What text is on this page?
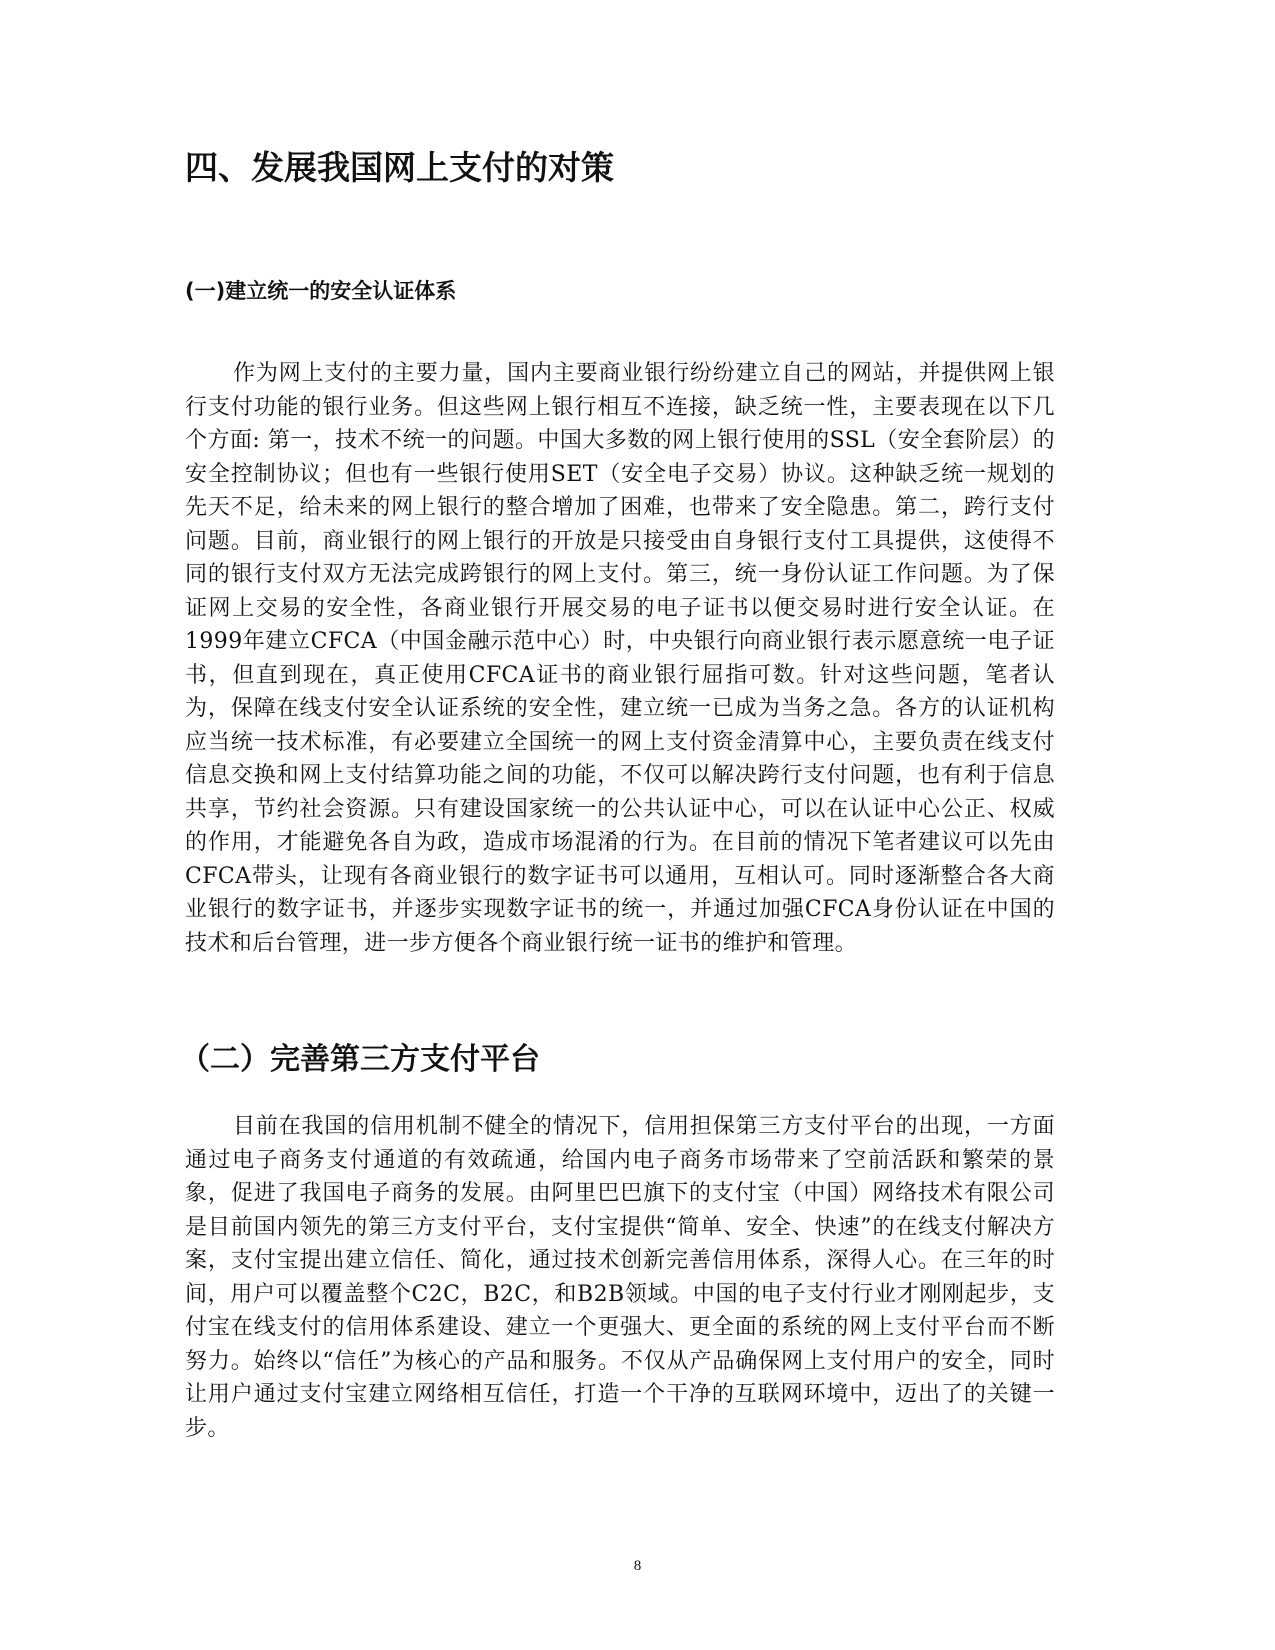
四、发展我国网上支付的对策
(一)建立统一的安全认证体系

作为网上支付的主要力量，国内主要商业银行纷纷建立自己的网站，并提供网上银行支付功能的银行业务。但这些网上银行相互不连接，缺乏统一性，主要表现在以下几个方面: 第一，技术不统一的问题。中国大多数的网上银行使用的SSL（安全套阶层）的安全控制协议；但也有一些银行使用SET（安全电子交易）协议。这种缺乏统一规划的先天不足，给未来的网上银行的整合增加了困难，也带来了安全隐患。第二，跨行支付问题。目前，商业银行的网上银行的开放是只接受由自身银行支付工具提供，这使得不同的银行支付双方无法完成跨银行的网上支付。第三，统一身份认证工作问题。为了保证网上交易的安全性，各商业银行开展交易的电子证书以便交易时进行安全认证。在1999年建立CFCA（中国金融示范中心）时，中央银行向商业银行表示愿意统一电子证书，但直到现在，真正使用CFCA证书的商业银行屈指可数。针对这些问题，笔者认为，保障在线支付安全认证系统的安全性，建立统一已成为当务之急。各方的认证机构应当统一技术标准，有必要建立全国统一的网上支付资金清算中心，主要负责在线支付信息交换和网上支付结算功能之间的功能，不仅可以解决跨行支付问题，也有利于信息共享，节约社会资源。只有建设国家统一的公共认证中心，可以在认证中心公正、权威的作用，才能避免各自为政，造成市场混淆的行为。在目前的情况下笔者建议可以先由CFCA带头，让现有各商业银行的数字证书可以通用，互相认可。同时逐渐整合各大商业银行的数字证书，并逐步实现数字证书的统一，并通过加强CFCA身份认证在中国的技术和后台管理，进一步方便各个商业银行统一证书的维护和管理。

（二）完善第三方支付平台

目前在我国的信用机制不健全的情况下，信用担保第三方支付平台的出现，一方面通过电子商务支付通道的有效疏通，给国内电子商务市场带来了空前活跃和繁荣的景象，促进了我国电子商务的发展。由阿里巴巴旗下的支付宝（中国）网络技术有限公司是目前国内领先的第三方支付平台，支付宝提供“简单、安全、快速”的在线支付解决方案，支付宝提出建立信任、简化，通过技术创新完善信用体系，深得人心。在三年的时间，用户可以覆盖整个C2C，B2C，和B2B领域。中国的电子支付行业才刚刚起步，支付宝在线支付的信用体系建设、建立一个更强大、更全面的系统的网上支付平台而不断努力。始终以“信任”为核心的产品和服务。不仅从产品确保网上支付用户的安全，同时让用户通过支付宝建立网络相互信任，打造一个干净的互联网环境中，迈出了的关键一步。

8
